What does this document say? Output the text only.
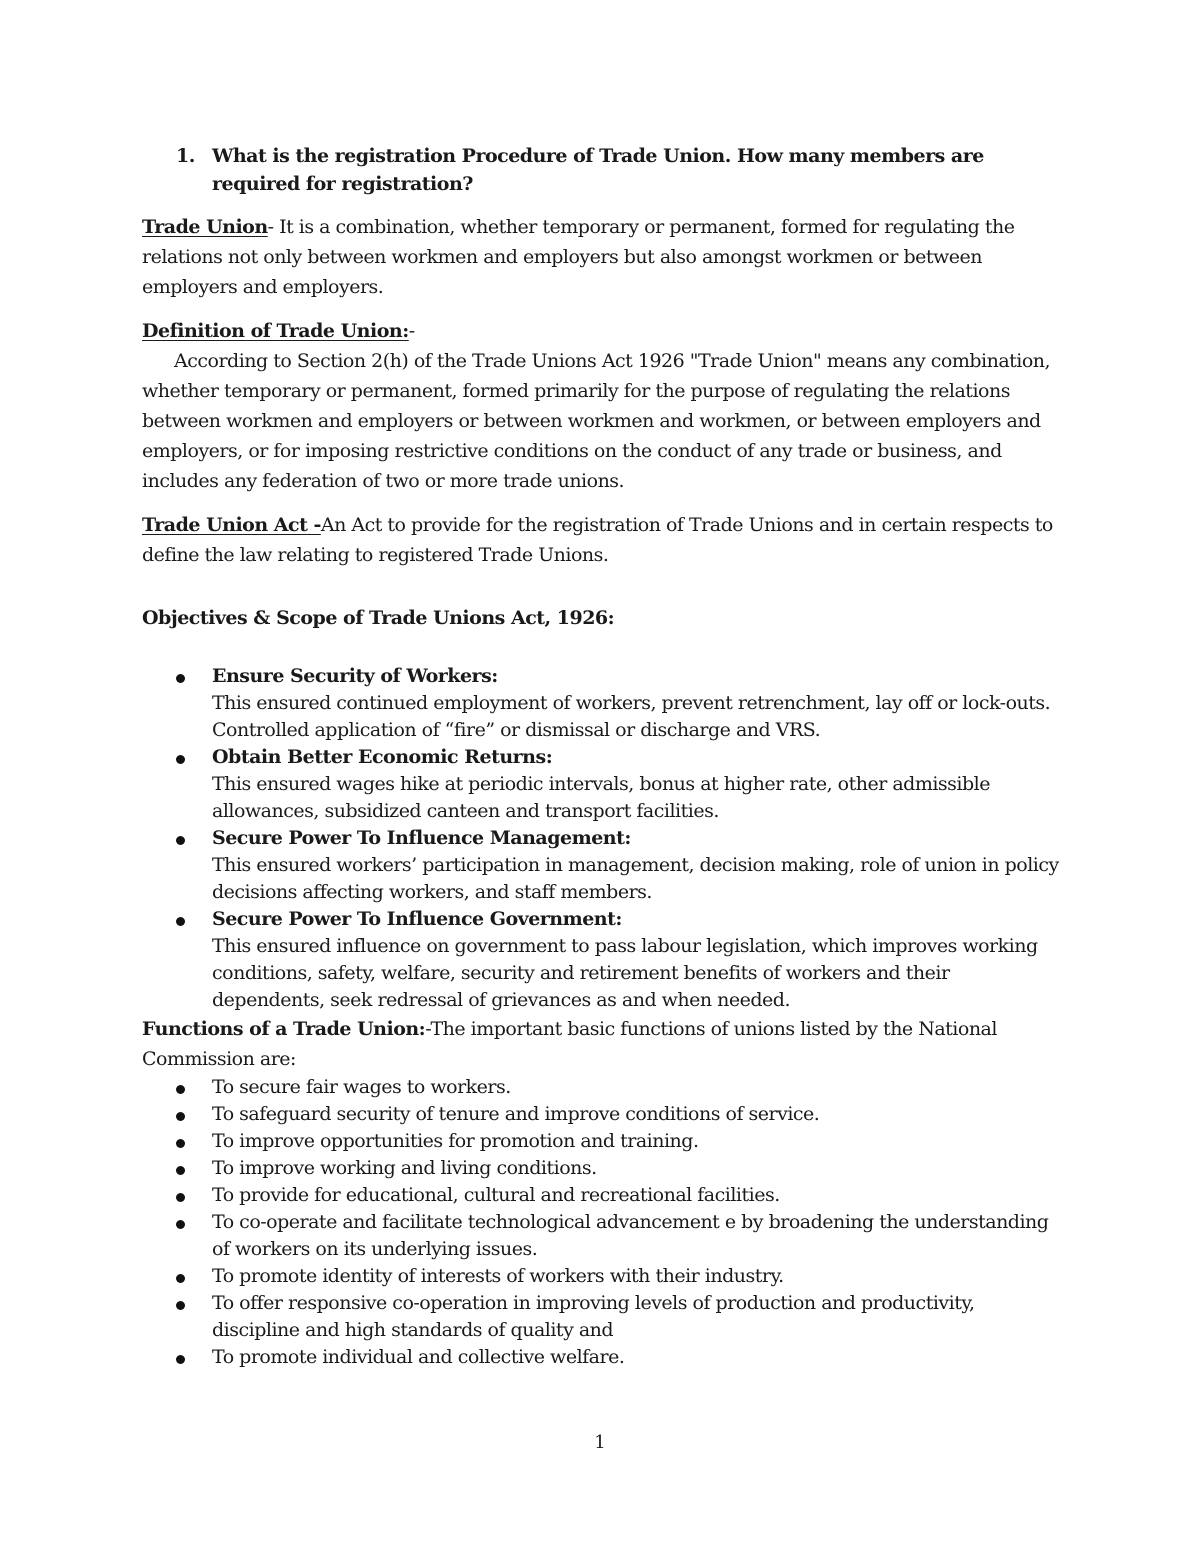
1. What is the registration Procedure of Trade Union. How many members are required for registration?

Trade Union- It is a combination, whether temporary or permanent, formed for regulating the relations not only between workmen and employers but also amongst workmen or between employers and employers.

Definition of Trade Union:-

According to Section 2(h) of the Trade Unions Act 1926 "Trade Union" means any combination, whether temporary or permanent, formed primarily for the purpose of regulating the relations between workmen and employers or between workmen and workmen, or between employers and employers, or for imposing restrictive conditions on the conduct of any trade or business, and includes any federation of two or more trade unions.

Trade Union Act -An Act to provide for the registration of Trade Unions and in certain respects to define the law relating to registered Trade Unions.

Objectives & Scope of Trade Unions Act, 1926:

Ensure Security of Workers:
This ensured continued employment of workers, prevent retrenchment, lay off or lock-outs. Controlled application of “fire” or dismissal or discharge and VRS.
Obtain Better Economic Returns:
This ensured wages hike at periodic intervals, bonus at higher rate, other admissible allowances, subsidized canteen and transport facilities.
Secure Power To Influence Management:
This ensured workers’ participation in management, decision making, role of union in policy decisions affecting workers, and staff members.
Secure Power To Influence Government:
This ensured influence on government to pass labour legislation, which improves working conditions, safety, welfare, security and retirement benefits of workers and their dependents, seek redressal of grievances as and when needed.

Functions of a Trade Union:-The important basic functions of unions listed by the National Commission are:

To secure fair wages to workers.
To safeguard security of tenure and improve conditions of service.
To improve opportunities for promotion and training.
To improve working and living conditions.
To provide for educational, cultural and recreational facilities.
To co-operate and facilitate technological advancement e by broadening the understanding of workers on its underlying issues.
To promote identity of interests of workers with their industry.
To offer responsive co-operation in improving levels of production and productivity, discipline and high standards of quality and
To promote individual and collective welfare.
1
